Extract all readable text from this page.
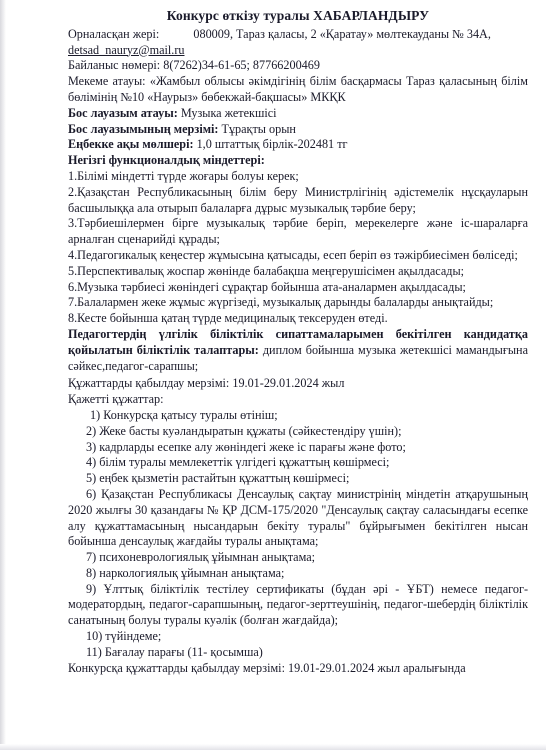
Конкурс өткізу туралы ХАБАРЛАНДЫРУ
Орналасқан жері:	080009, Тараз қаласы, 2 «Қаратау» мөлтекауданы № 34А,
detsad_nauryz@mail.ru
Байланыс нөмері: 8(7262)34-61-65; 87766200469
Мекеме атауы: «Жамбыл облысы әкімдігінің білім басқармасы Тараз қаласының білім бөлімінің №10 «Наурыз» бөбекжай-бақшасы» МКҚК
Бос лауазым атауы: Музыка жетекшісі
Бос лауазымының мерзімі: Тұрақты орын
Еңбекке ақы мөлшері: 1,0 штаттық бірлік-202481 тг
Негізгі функционалдық міндеттері:
1.Білімі міндетті түрде жоғары болуы керек;
2.Қазақстан Республикасының білім беру Министрлігінің әдістемелік нұсқауларын басшылыққа ала отырып балаларға дұрыс музыкалық тәрбие беру;
3.Тәрбиешілермен бірге музыкалық тәрбие беріп, мерекелерге және іс-шараларға арналған сценарийді құрады;
4.Педагогикалық кеңестер жұмысына қатысады, есеп беріп өз тәжірбиесімен бөліседі;
5.Перспективалық жоспар жөнінде балабақша меңгерушісімен ақылдасады;
6.Музыка тәрбиесі жөніндегі сұрақтар бойынша ата-аналармен ақылдасады;
7.Балалармен жеке жұмыс жүргізеді, музыкалық дарынды балаларды анықтайды;
8.Кесте бойынша қатаң түрде медициналық тексеруден өтеді.
Педагогтердің үлгілік біліктілік сипаттамаларымен бекітілген кандидатқа қойылатын біліктілік талаптары: диплом бойынша музыка жетекшісі мамандығына сәйкес,педагог-сарапшы;
Құжаттарды қабылдау мерзімі: 19.01-29.01.2024 жыл
Қажетті құжаттар:
1) Конкурсқа қатысу туралы өтініш;
2) Жеке басты куәландыратын құжаты (сәйкестендіру үшін);
3) кадрларды есепке алу жөніндегі жеке іс парағы және фото;
4) білім туралы мемлекеттік үлгідегі құжаттың көшірмесі;
5) еңбек қызметін растайтын құжаттың көшірмесі;
6) Қазақстан Республикасы Денсаулық сақтау министрінің міндетін атқарушының 2020 жылғы 30 қазандағы № ҚР ДСМ-175/2020 "Денсаулық сақтау саласындағы есепке алу құжаттамасының нысандарын бекіту туралы" бұйрығымен бекітілген нысан бойынша денсаулық жағдайы туралы анықтама;
7) психоневрологиялық ұйымнан анықтама;
8) наркологиялық ұйымнан анықтама;
9) Ұлттық біліктілік тестілеу сертификаты (бұдан әрі - ҰБТ) немесе педагог-модератордың, педагог-сарапшының, педагог-зерттеушінің, педагог-шебердің біліктілік санатының болуы туралы куәлік (болған жағдайда);
10) түйіндеме;
11) Бағалау парағы (11- қосымша)
Конкурсқа құжаттарды қабылдау мерзімі: 19.01-29.01.2024 жыл аралығында
